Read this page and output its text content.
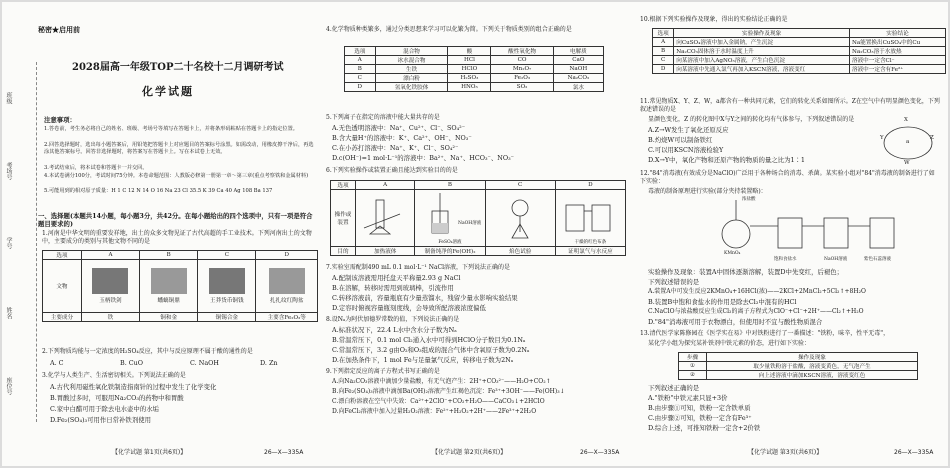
班级
考场号
学号
姓名
座位号
秘密★启用前
2028届高一年级TOP二十名校十二月调研考试
化学试题
注意事项：
1.答卷前，考生务必将自己的姓名、班级、考场号等填写在答题卡上，并将条形码粘贴在答题卡上的指定位置。
2.回答选择题时，选出每小题答案后，用铅笔把答题卡上对应题目的答案标号涂黑。如需改动，用橡皮擦干净后，再选涂其他答案标号。回答非选择题时，将答案写在答题卡上。写在本试卷上无效。
3.考试结束后，将本试卷和答题卡一并交回。
4.本试卷满分100分，考试时间75分钟。本卷命题范围：人教版必修第一册第一章～第三章(重点考察铁和金属材料)
5.可能用到的相对原子质量：H 1 C 12 N 14 O 16 Na 23 Cl 35.5 K 39 Ca 40 Ag 108 Ba 137
一、选择题(本题共14小题，每小题3分，共42分。在每小题给出的四个选项中，只有一项是符合题目要求的)
1.河南是中华文明的重要发祥地，出土的众多文物见证了古代高超的手工业技术。下列河南出土的文物中，主要成分的类别与其他文物不同的是
选项	A	B	C	D
文物	玉柄铁剑	蟠螭铜鼎	王莽货币铜钱	扎扎纹红陶盆
主要成分	铁	铜和金	铜锡合金	主要含Fe₂O₃等
2.下列物质均能与一定浓度的H₂SO₄反应，其中与反应原理不属于酸的通性的是
A. C	B. CuO	C. NaOH	D. Zn
3.化学与人类生产、生活密切相关。下列说法正确的是
A.古代利用磁性氧化铁制造指南针的过程中发生了化学变化
B.胃酸过多时，可服用Na₂CO₃的药物中和胃酸
C.家中白醋可用于除去电水壶中的水垢
D.Fe₂(SO₄)₃可用作日常补铁剂使用
【化学试题 第1页(共6页)】	26—X—335A
4.化学物质种类繁多，通过分类思想来学习可以化繁为简。下列关于物质类别的组合正确的是
选项	混合物	酸	酸性氧化物	电解质
A	冰水混合物	HCl	CO	CaO
B	生铁	HClO	Mn₂O₇	NaOH
C	漂白粉	H₂SO₃	Fe₂O₃	Na₂CO₃
D	氢氧化铁胶体	HNO₃	SO₂	氯水
5.下列离子在指定的溶液中能大量共存的是
A.无色透明溶液中：Na⁺、Cu²⁺、Cl⁻、SO₄²⁻
B.含大量H⁺的溶液中：K⁺、Ca²⁺、OH⁻、NO₃⁻
C.在小苏打溶液中：Na⁺、K⁺、Cl⁻、SO₄²⁻
D.c(OH⁻)=1 mol·L⁻¹的溶液中：Ba²⁺、Na⁺、HCO₃⁻、NO₃⁻
6.下列实验操作或装置正确且能达到实验目的的是
选项	A	B	C	D
操作或装置		FeSO₄溶液		干燥的红色布条

目的	加热液体	制备纯净的Fe(OH)₂	焰色试验	证明氯气与水反应
NaOH溶液
7.实验室需配制490 mL 0.1 mol·L⁻¹ NaCl溶液，下列说法正确的是
A.配制该溶液需用托盘天平称量2.93 g NaCl
B.在溶解，转移时需用到玻璃棒，引流作用
C.转移溶液前，容量瓶底有少量蒸馏水，残留少量水影响实验结果
D.定容时俯视容量瓶刻度线，会导致所配溶液浓度偏低
8.设Nₐ为阿伏加德罗常数的值，下列说法正确的是
A.标准状况下，22.4 L水中含水分子数为Nₐ
B.常温常压下，0.1 mol Cl₂通入水中可得到HClO分子数目为0.1Nₐ
C.常温常压下，3.2 g由O₂和O₃组成的混合气体中含氧原子数为0.2Nₐ
D.在加热条件下，1 mol Fe与足量氯气反应，转移电子数为2Nₐ
9.下列指定反应的离子方程式书写正确的是
A.向Na₂CO₃溶液中滴加少量盐酸，有无气泡产生：2H⁺+CO₃²⁻——H₂O+CO₂↑
B.向Fe₂(SO₄)₃溶液中滴加Ba(OH)₂溶液产生红褐色沉淀：Fe³⁺+3OH⁻——Fe(OH)₃↓
C.漂白粉溶液在空气中失效：Ca²⁺+2ClO⁻+CO₂+H₂O——CaCO₃↓+2HClO
D.向FeCl₂溶液中加入过量H₂O₂溶液：Fe²⁺+H₂O₂+2H⁺——2Fe³⁺+2H₂O
【化学试题 第2页(共6页)】	26—X—335A
10.根据下列实验操作及现象，得出的实验结论正确的是
选项	实验操作及现象	实验结论
A	向CuSO₄溶液中加入金属钠，产生沉淀	Na能置换出CuSO₄中的Cu
B	Na₂CO₃固体溶于水时温度上升	Na₂CO₃溶于水放热
C	向某溶液中加入AgNO₃溶液，产生白色沉淀	溶液中一定含Cl⁻
D	向某溶液中先通入氯气再加入KSCN溶液，溶液变红	溶液中一定含有Fe²⁺
11.常见物质X、Y、Z、W，a都含有一种共同元素，它们的转化关系如图所示。Z在空气中有明显颜色变化，下列叙述错误的是
显颜色变化，Z 的转化图中X与Y之间的转化均有气体参与，下列叙述错误的是
A.Z→W发生了氧化还原反应
B.灼烧W可以制备铁红
C.可以用KSCN溶液检验Y
D.X→Y中，氧化产物和还原产物的物质的量之比为1∶1
X
Y	Z
W
a
12."84"消毒液(有效成分是NaClO)广泛用于各种场合的消毒、杀菌。某实验小组对"84"消毒液的制备进行了如下实验：
毒液的制备原理进行实验(部分夹持装置略)：
浓盐酸
KMnO₄
饱和食盐水	NaOH溶液	紫色石蕊溶液
实验操作及现象：装置A中固体逐渐溶解，装置D中先变红，后褪色；
下列叙述错误的是
A.装置A中可发生反应2KMnO₄+16HCl(浓)——2KCl+2MnCl₂+5Cl₂↑+8H₂O
B.装置B中饱和食盐水的作用是除去Cl₂中混有的HCl
C.NaClO与浓盐酸反应生成Cl₂的离子方程式为ClO⁻+Cl⁻+2H⁺——Cl₂↑+H₂O
D."84"消毒液可用于衣物漂白，但使用时不宜与酸性物质混合
13.清代医学家陈修园在《医学实在易》中对铁粉进行了一番描述："铁粉，味辛，性平无毒"，
某化学小组为探究某补铁剂中铁元素的价态，进行如下实验：
步骤	操作及现象
①	取少量铁粉溶于盐酸，溶液变黄色，无气泡产生
②	向上述溶液中滴加KSCN溶液，溶液变红色
下列叙述正确的是
A."铁粉"中铁元素只显+3价
B.由步骤①可知，铁粉一定含铁单质
C.由步骤②可知，铁粉一定含有Fe³⁺
D.综合上述，可推知铁粉一定含+2价铁
【化学试题 第3页(共6页)】	26—X—335A
